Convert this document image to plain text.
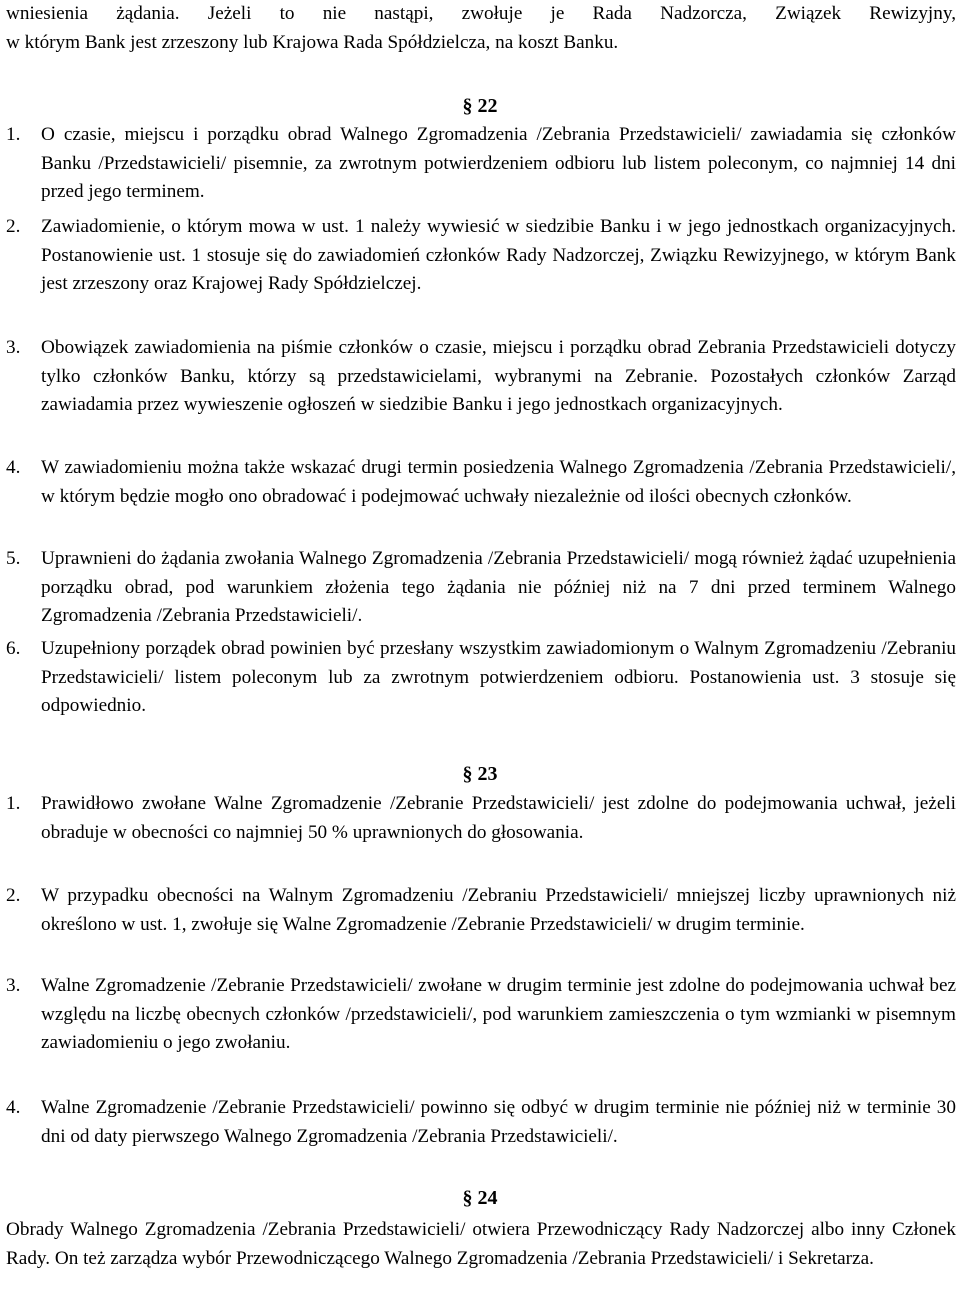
wniesienia żądania. Jeżeli to nie nastąpi, zwołuje je Rada Nadzorcza, Związek Rewizyjny,

w którym Bank jest zrzeszony lub Krajowa Rada Spółdzielcza, na koszt Banku.

§ 22
1. O czasie, miejscu i porządku obrad Walnego Zgromadzenia /Zebrania Przedstawicieli/ zawiadamia się członków Banku /Przedstawicieli/ pisemnie, za zwrotnym potwierdzeniem odbioru lub listem poleconym, co najmniej 14 dni przed jego terminem.
2. Zawiadomienie, o którym mowa w ust. 1 należy wywiesić w siedzibie Banku i w jego jednostkach organizacyjnych. Postanowienie ust. 1 stosuje się do zawiadomień członków Rady Nadzorczej, Związku Rewizyjnego, w którym Bank jest zrzeszony oraz Krajowej Rady Spółdzielczej.
3. Obowiązek zawiadomienia na piśmie członków o czasie, miejscu i porządku obrad Zebrania Przedstawicieli dotyczy tylko członków Banku, którzy są przedstawicielami, wybranymi na Zebranie. Pozostałych członków Zarząd zawiadamia przez wywieszenie ogłoszeń w siedzibie Banku i jego jednostkach organizacyjnych.
4. W zawiadomieniu można także wskazać drugi termin posiedzenia Walnego Zgromadzenia /Zebrania Przedstawicieli/, w którym będzie mogło ono obradować i podejmować uchwały niezależnie od ilości obecnych członków.
5. Uprawnieni do żądania zwołania Walnego Zgromadzenia /Zebrania Przedstawicieli/ mogą również żądać uzupełnienia porządku obrad, pod warunkiem złożenia tego żądania nie później niż na 7 dni przed terminem Walnego Zgromadzenia /Zebrania Przedstawicieli/.
6. Uzupełniony porządek obrad powinien być przesłany wszystkim zawiadomionym o Walnym Zgromadzeniu /Zebraniu Przedstawicieli/ listem poleconym lub za zwrotnym potwierdzeniem odbioru. Postanowienia ust. 3 stosuje się odpowiednio.
§ 23
1. Prawidłowo zwołane Walne Zgromadzenie /Zebranie Przedstawicieli/ jest zdolne do podejmowania uchwał, jeżeli obraduje w obecności co najmniej 50 % uprawnionych do głosowania.
2. W przypadku obecności na Walnym Zgromadzeniu /Zebraniu Przedstawicieli/ mniejszej liczby uprawnionych niż określono w ust. 1, zwołuje się Walne Zgromadzenie /Zebranie Przedstawicieli/ w drugim terminie.
3. Walne Zgromadzenie /Zebranie Przedstawicieli/ zwołane w drugim terminie jest zdolne do podejmowania uchwał bez względu na liczbę obecnych członków /przedstawicieli/, pod warunkiem zamieszczenia o tym wzmianki w pisemnym zawiadomieniu o jego zwołaniu.
4. Walne Zgromadzenie /Zebranie Przedstawicieli/ powinno się odbyć w drugim terminie nie później niż w terminie 30 dni od daty pierwszego Walnego Zgromadzenia /Zebrania Przedstawicieli/.
§ 24

Obrady Walnego Zgromadzenia /Zebrania Przedstawicieli/ otwiera Przewodniczący Rady Nadzorczej albo inny Członek Rady. On też zarządza wybór Przewodniczącego Walnego Zgromadzenia /Zebrania Przedstawicieli/ i Sekretarza.
